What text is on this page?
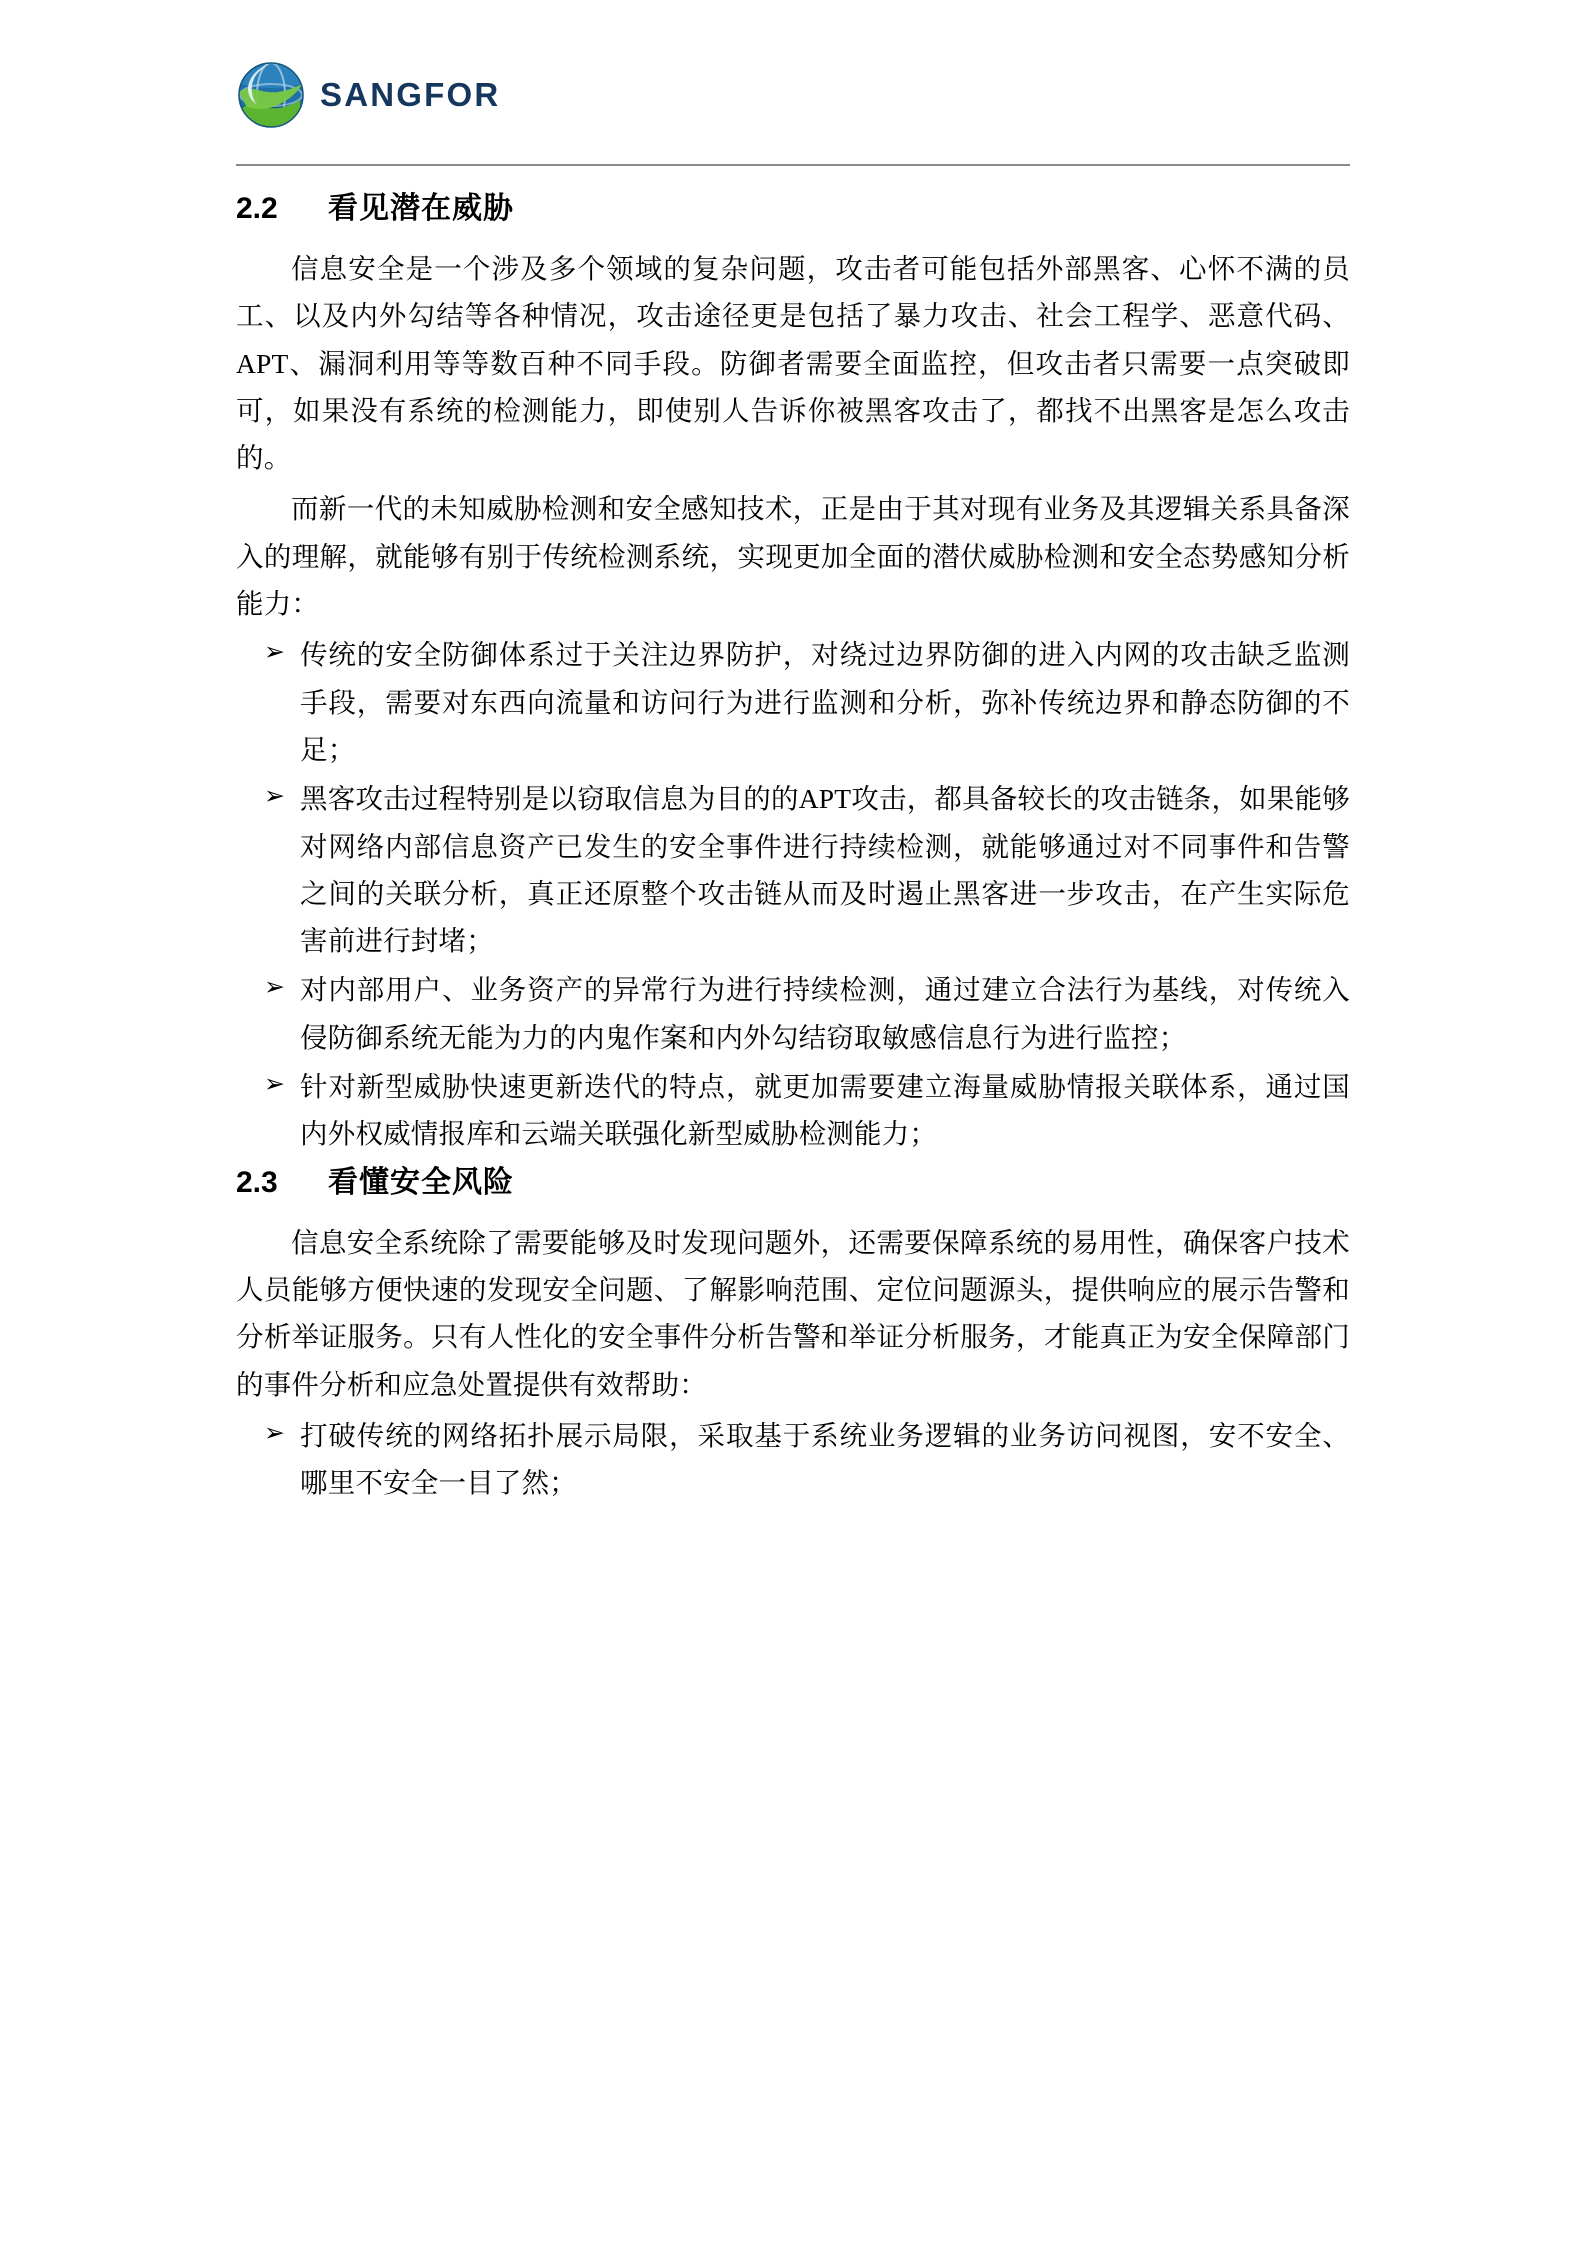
SANGFOR
2.2	看见潜在威胁

信息安全是一个涉及多个领域的复杂问题，攻击者可能包括外部黑客、心怀不满的员工、以及内外勾结等各种情况，攻击途径更是包括了暴力攻击、社会工程学、恶意代码、APT、漏洞利用等等数百种不同手段。防御者需要全面监控，但攻击者只需要一点突破即可，如果没有系统的检测能力，即使别人告诉你被黑客攻击了，都找不出黑客是怎么攻击的。

而新一代的未知威胁检测和安全感知技术，正是由于其对现有业务及其逻辑关系具备深入的理解，就能够有别于传统检测系统，实现更加全面的潜伏威胁检测和安全态势感知分析能力：

➢ 传统的安全防御体系过于关注边界防护，对绕过边界防御的进入内网的攻击缺乏监测手段，需要对东西向流量和访问行为进行监测和分析，弥补传统边界和静态防御的不足；
➢ 黑客攻击过程特别是以窃取信息为目的的APT攻击，都具备较长的攻击链条，如果能够对网络内部信息资产已发生的安全事件进行持续检测，就能够通过对不同事件和告警之间的关联分析，真正还原整个攻击链从而及时遏止黑客进一步攻击，在产生实际危害前进行封堵；
➢ 对内部用户、业务资产的异常行为进行持续检测，通过建立合法行为基线，对传统入侵防御系统无能为力的内鬼作案和内外勾结窃取敏感信息行为进行监控；
➢ 针对新型威胁快速更新迭代的特点，就更加需要建立海量威胁情报关联体系，通过国内外权威情报库和云端关联强化新型威胁检测能力；
2.3	看懂安全风险

信息安全系统除了需要能够及时发现问题外，还需要保障系统的易用性，确保客户技术人员能够方便快速的发现安全问题、了解影响范围、定位问题源头，提供响应的展示告警和分析举证服务。只有人性化的安全事件分析告警和举证分析服务，才能真正为安全保障部门的事件分析和应急处置提供有效帮助：

➢ 打破传统的网络拓扑展示局限，采取基于系统业务逻辑的业务访问视图，安不安全、哪里不安全一目了然；
